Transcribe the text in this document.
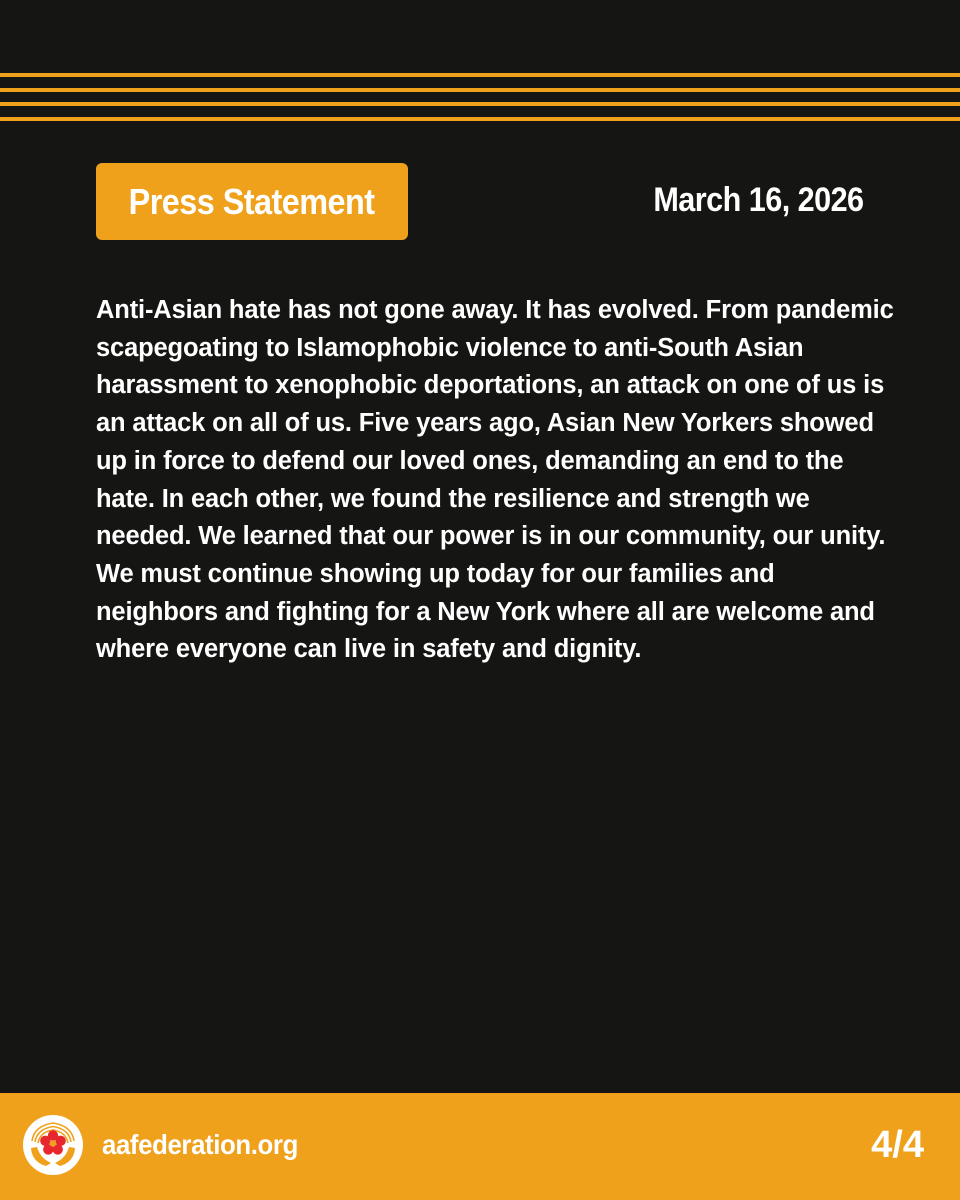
Press Statement	March 16, 2026

Anti-Asian hate has not gone away. It has evolved. From pandemic scapegoating to Islamophobic violence to anti-South Asian harassment to xenophobic deportations, an attack on one of us is an attack on all of us. Five years ago, Asian New Yorkers showed up in force to defend our loved ones, demanding an end to the hate. In each other, we found the resilience and strength we needed. We learned that our power is in our community, our unity. We must continue showing up today for our families and neighbors and fighting for a New York where all are welcome and where everyone can live in safety and dignity.

aafederation.org	4/4
